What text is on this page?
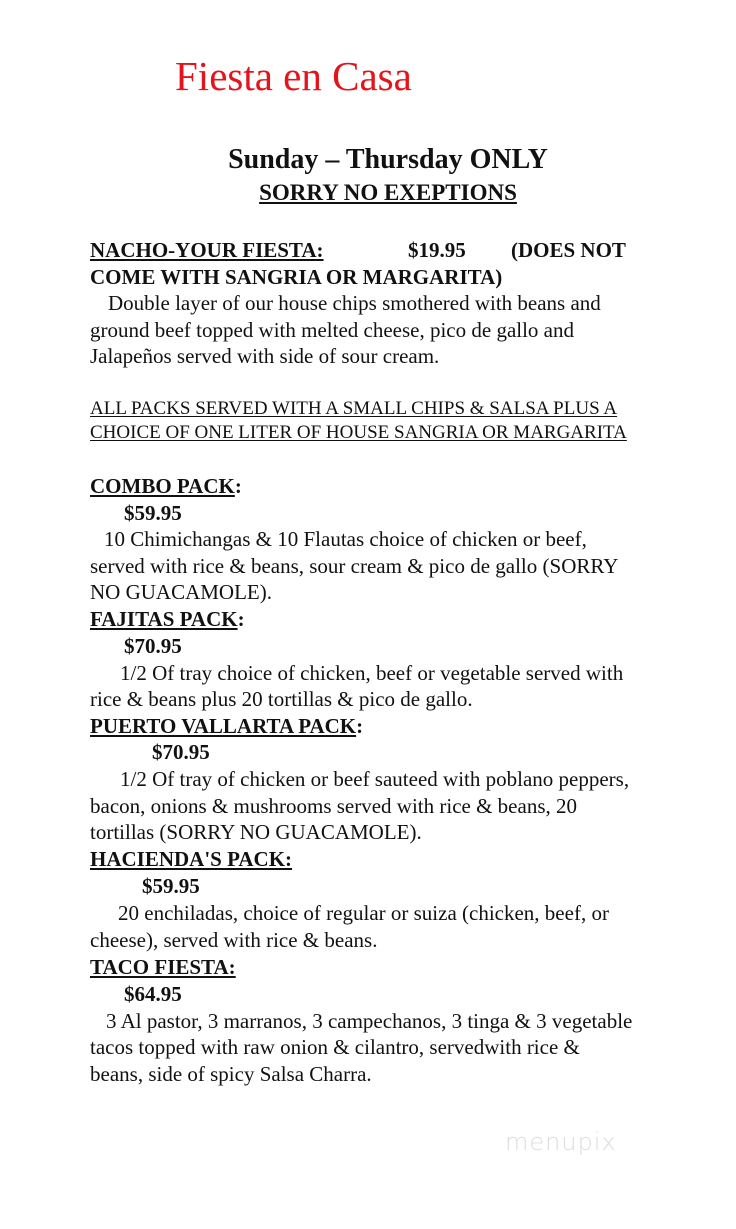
Fiesta en Casa
Sunday – Thursday ONLY
SORRY NO EXEPTIONS
NACHO-YOUR FIESTA:	$19.95 (DOES NOT
COME WITH SANGRIA OR MARGARITA)
Double layer of our house chips smothered with beans and
ground beef topped with melted cheese, pico de gallo and
Jalapeños served with side of sour cream.
ALL PACKS SERVED WITH A SMALL CHIPS & SALSA PLUS A
CHOICE OF ONE LITER OF HOUSE SANGRIA OR MARGARITA
COMBO PACK:
$59.95
10 Chimichangas & 10 Flautas choice of chicken or beef,
served with rice & beans, sour cream & pico de gallo (SORRY
NO GUACAMOLE).
FAJITAS PACK:
$70.95
1/2 Of tray choice of chicken, beef or vegetable served with
rice & beans plus 20 tortillas & pico de gallo.
PUERTO VALLARTA PACK:
$70.95
1/2 Of tray of chicken or beef sauteed with poblano peppers,
bacon, onions & mushrooms served with rice & beans, 20
tortillas (SORRY NO GUACAMOLE).
HACIENDA'S PACK:
$59.95
20 enchiladas, choice of regular or suiza (chicken, beef, or
cheese), served with rice & beans.
TACO FIESTA:
$64.95
3 Al pastor, 3 marranos, 3 campechanos, 3 tinga & 3 vegetable
tacos topped with raw onion & cilantro, servedwith rice &
beans, side of spicy Salsa Charra.
menupix
